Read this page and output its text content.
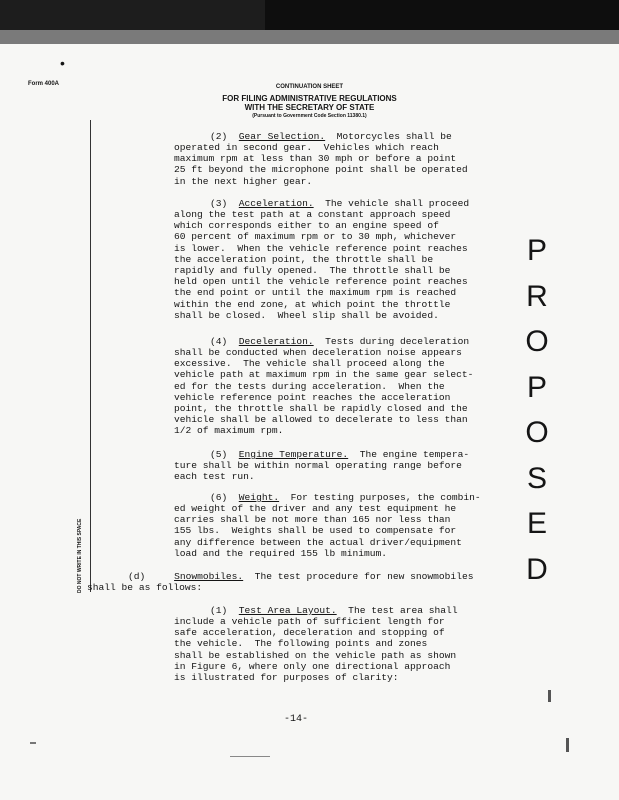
•
Form 400A	CONTINUATION SHEET
FOR FILING ADMINISTRATIVE REGULATIONS
WITH THE SECRETARY OF STATE
(Pursuant to Government Code Section 11380.1)
DO NOT WRITE IN THIS SPACE
(2) Gear Selection.  Motorcycles shall be
operated in second gear.  Vehicles which reach
maximum rpm at less than 30 mph or before a point
25 ft beyond the microphone point shall be operated
in the next higher gear.
(3) Acceleration.  The vehicle shall proceed
along the test path at a constant approach speed
which corresponds either to an engine speed of
60 percent of maximum rpm or to 30 mph, whichever
is lower.  When the vehicle reference point reaches
the acceleration point, the throttle shall be
rapidly and fully opened.  The throttle shall be
held open until the vehicle reference point reaches
the end point or until the maximum rpm is reached
within the end zone, at which point the throttle
shall be closed.  Wheel slip shall be avoided.
(4) Deceleration.  Tests during deceleration
shall be conducted when deceleration noise appears
excessive.  The vehicle shall proceed along the
vehicle path at maximum rpm in the same gear select-
ed for the tests during acceleration.  When the
vehicle reference point reaches the acceleration
point, the throttle shall be rapidly closed and the
vehicle shall be allowed to decelerate to less than
1/2 of maximum rpm.
(5) Engine Temperature.  The engine tempera-
ture shall be within normal operating range before
each test run.
(6) Weight.  For testing purposes, the combin-
ed weight of the driver and any test equipment he
carries shall be not more than 165 nor less than
155 lbs.  Weights shall be used to compensate for
any difference between the actual driver/equipment
load and the required 155 lb minimum.
(d)	Snowmobiles.  The test procedure for new snowmobiles
shall be as follows:
(1) Test Area Layout.  The test area shall
include a vehicle path of sufficient length for
safe acceleration, deceleration and stopping of
the vehicle.  The following points and zones
shall be established on the vehicle path as shown
in Figure 6, where only one directional approach
is illustrated for purposes of clarity:
P
R
O
P
O
S
E
D
-14-
